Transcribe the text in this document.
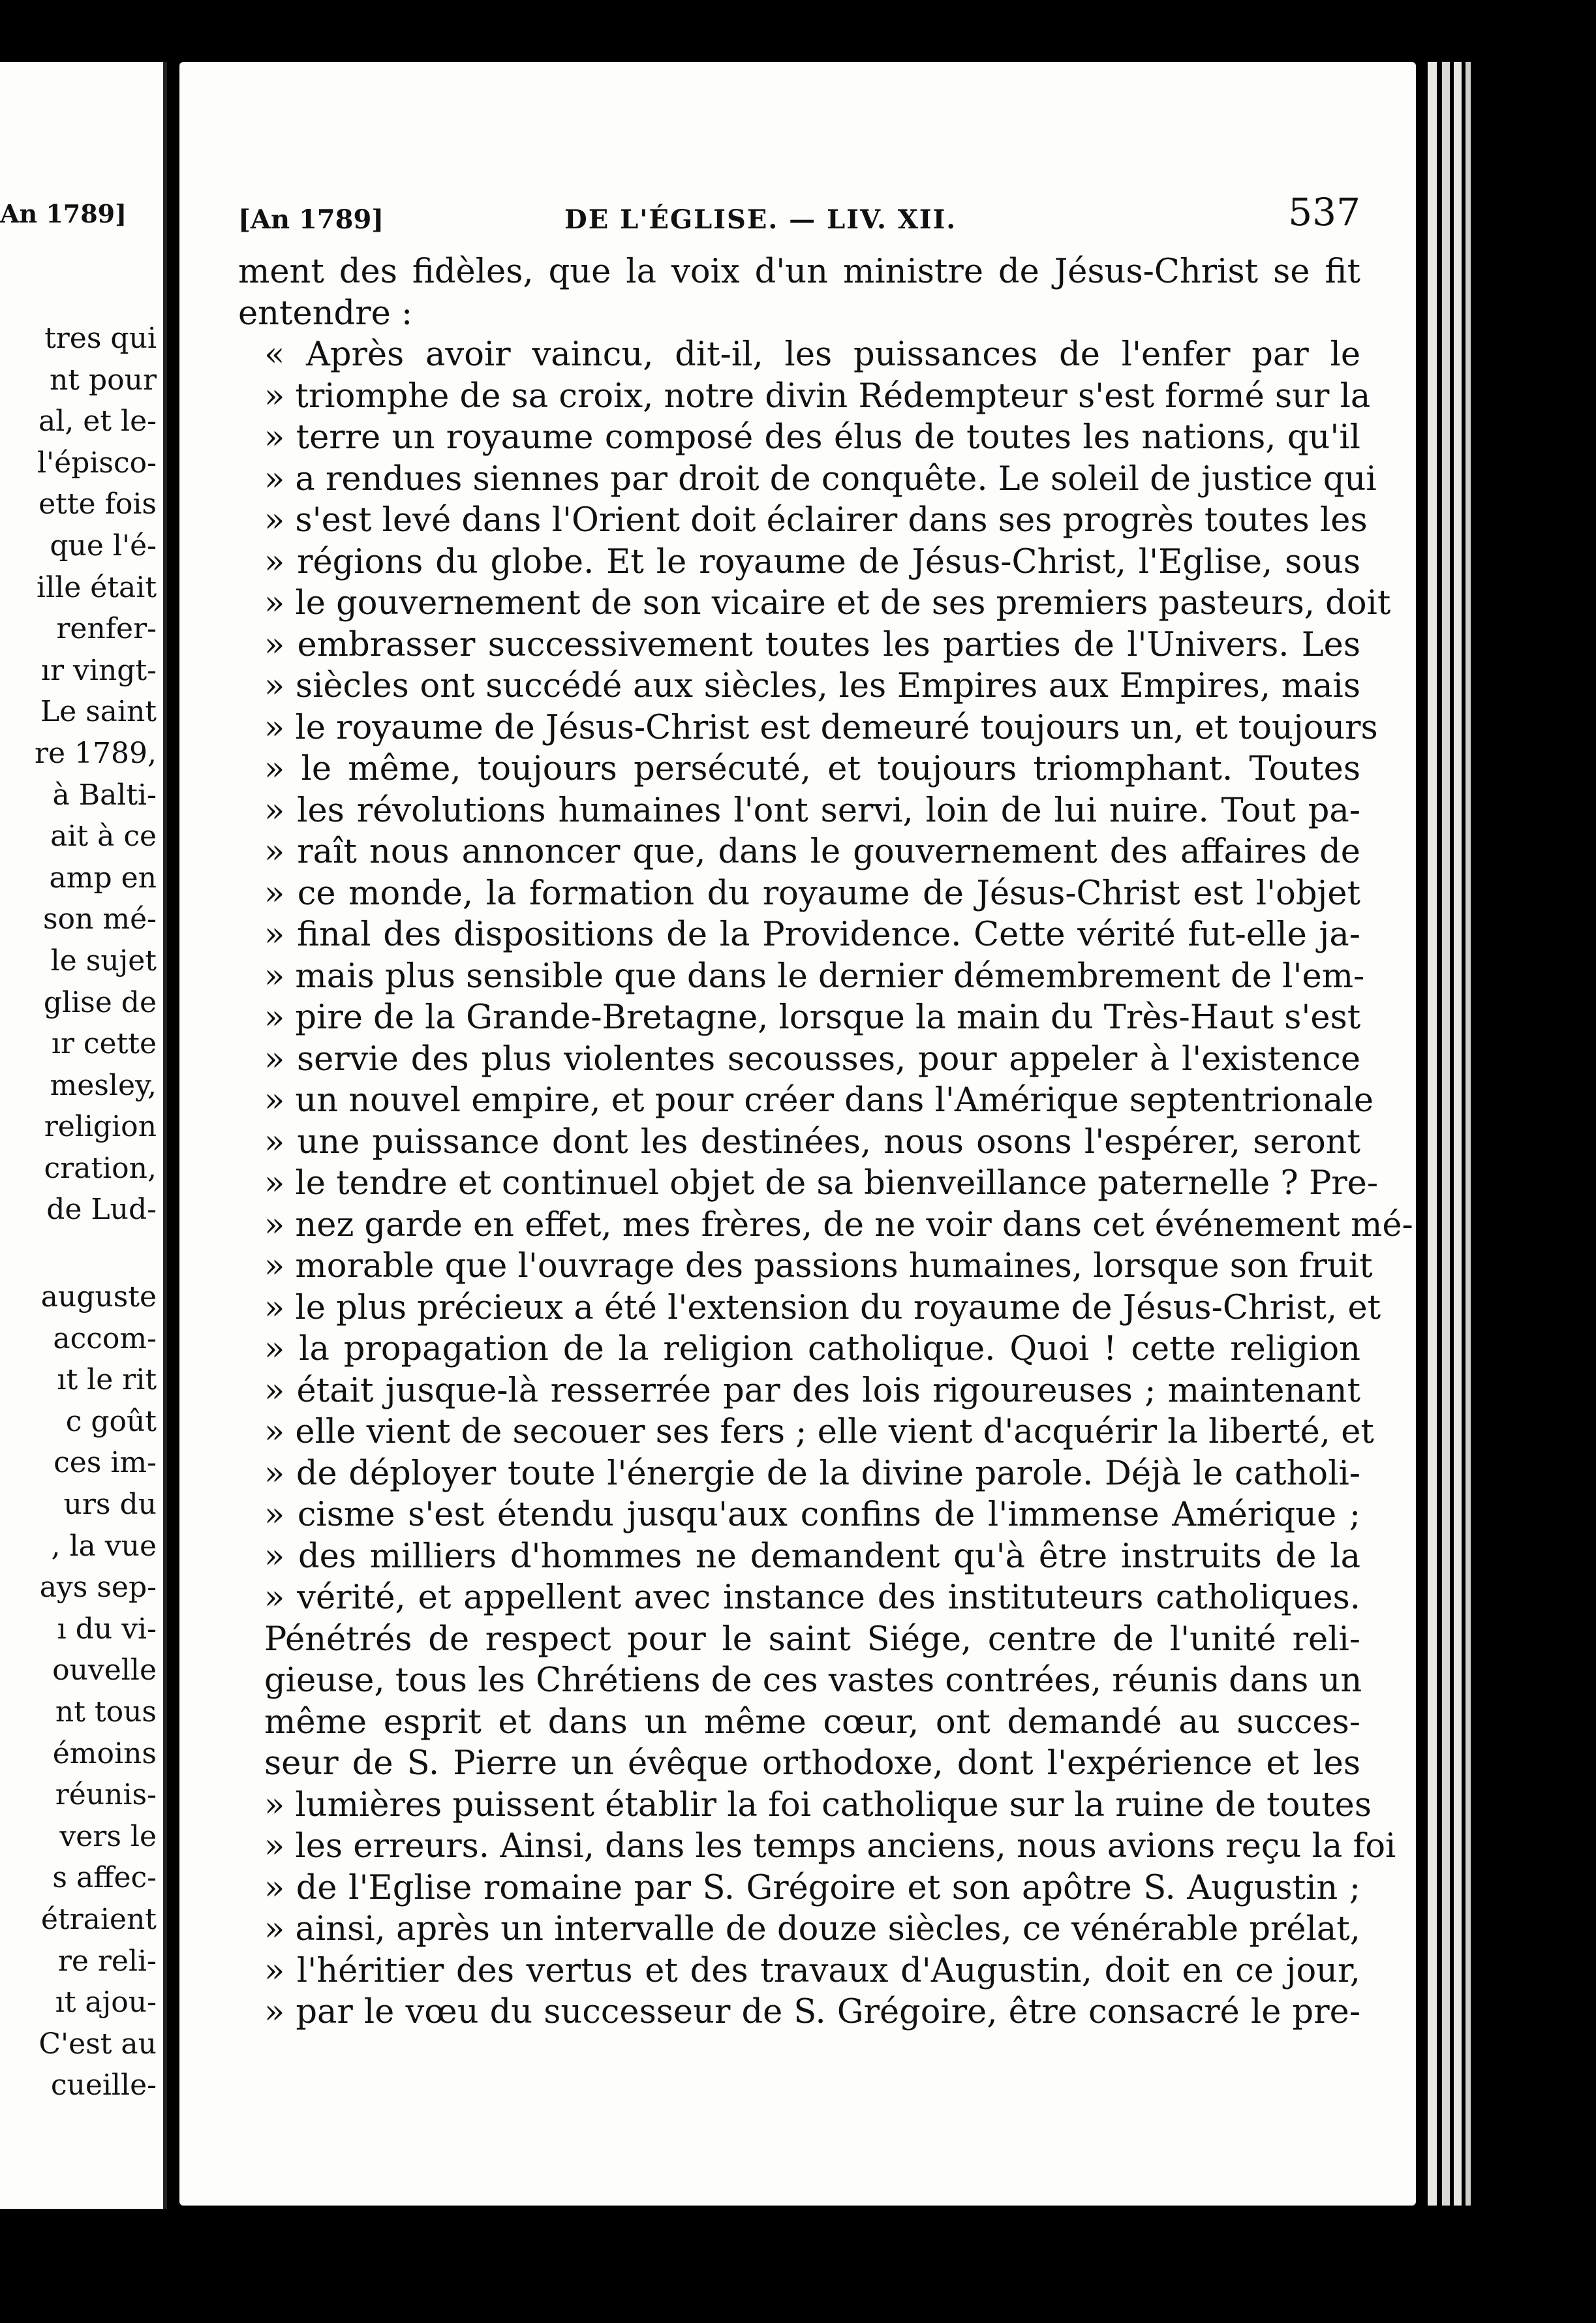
An 1789]
tres qui
nt pour
al, et le-
l'épisco-
ette fois
que l'é-
ille était
renfer-
ır vingt-
Le saint
re 1789,
à Balti-
ait à ce
amp en
son mé-
le sujet
glise de
ır cette
mesley,
religion
cration,
de Lud-
auguste
accom-
ıt le rit
c goût
ces im-
urs du
, la vue
ays sep-
ı du vi-
ouvelle
nt tous
émoins
réunis-
vers le
s affec-
étraient
re reli-
ıt ajou-
C'est au
cueille-
[An 1789]	DE L'ÉGLISE. — LIV. XII.	537
ment des fidèles, que la voix d'un ministre de Jésus-Christ se fit
entendre :
« Après avoir vaincu, dit-il, les puissances de l'enfer par le
» triomphe de sa croix, notre divin Rédempteur s'est formé sur la
» terre un royaume composé des élus de toutes les nations, qu'il
» a rendues siennes par droit de conquête. Le soleil de justice qui
» s'est levé dans l'Orient doit éclairer dans ses progrès toutes les
» régions du globe. Et le royaume de Jésus-Christ, l'Eglise, sous
» le gouvernement de son vicaire et de ses premiers pasteurs, doit
» embrasser successivement toutes les parties de l'Univers. Les
» siècles ont succédé aux siècles, les Empires aux Empires, mais
» le royaume de Jésus-Christ est demeuré toujours un, et toujours
» le même, toujours persécuté, et toujours triomphant. Toutes
» les révolutions humaines l'ont servi, loin de lui nuire. Tout pa-
» raît nous annoncer que, dans le gouvernement des affaires de
» ce monde, la formation du royaume de Jésus-Christ est l'objet
» final des dispositions de la Providence. Cette vérité fut-elle ja-
» mais plus sensible que dans le dernier démembrement de l'em-
» pire de la Grande-Bretagne, lorsque la main du Très-Haut s'est
» servie des plus violentes secousses, pour appeler à l'existence
» un nouvel empire, et pour créer dans l'Amérique septentrionale
» une puissance dont les destinées, nous osons l'espérer, seront
» le tendre et continuel objet de sa bienveillance paternelle ? Pre-
» nez garde en effet, mes frères, de ne voir dans cet événement mé-
» morable que l'ouvrage des passions humaines, lorsque son fruit
» le plus précieux a été l'extension du royaume de Jésus-Christ, et
» la propagation de la religion catholique. Quoi ! cette religion
» était jusque-là resserrée par des lois rigoureuses ; maintenant
» elle vient de secouer ses fers ; elle vient d'acquérir la liberté, et
» de déployer toute l'énergie de la divine parole. Déjà le catholi-
» cisme s'est étendu jusqu'aux confins de l'immense Amérique ;
» des milliers d'hommes ne demandent qu'à être instruits de la
» vérité, et appellent avec instance des instituteurs catholiques.
Pénétrés de respect pour le saint Siége, centre de l'unité reli-
gieuse, tous les Chrétiens de ces vastes contrées, réunis dans un
même esprit et dans un même cœur, ont demandé au succes-
seur de S. Pierre un évêque orthodoxe, dont l'expérience et les
» lumières puissent établir la foi catholique sur la ruine de toutes
» les erreurs. Ainsi, dans les temps anciens, nous avions reçu la foi
» de l'Eglise romaine par S. Grégoire et son apôtre S. Augustin ;
» ainsi, après un intervalle de douze siècles, ce vénérable prélat,
» l'héritier des vertus et des travaux d'Augustin, doit en ce jour,
» par le vœu du successeur de S. Grégoire, être consacré le pre-
